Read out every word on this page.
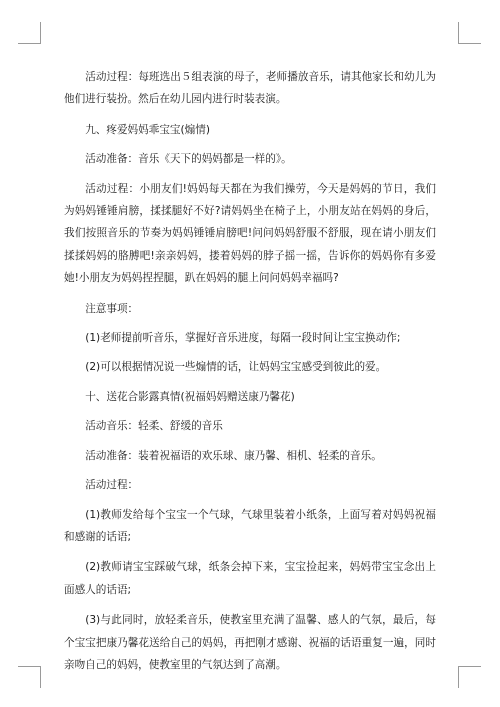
活动过程：每班选出５组表演的母子，老师播放音乐，请其他家长和幼儿为他们进行装扮。然后在幼儿园内进行时装表演。

九、疼爱妈妈乖宝宝(煽情)

活动准备：音乐《天下的妈妈都是一样的》。

活动过程：小朋友们!妈妈每天都在为我们操劳，今天是妈妈的节日，我们为妈妈锤锤肩膀，揉揉腿好不好?请妈妈坐在椅子上，小朋友站在妈妈的身后，我们按照音乐的节奏为妈妈锤锤肩膀吧!问问妈妈舒服不舒服，现在请小朋友们揉揉妈妈的胳膊吧!亲亲妈妈，搂着妈妈的脖子摇一摇，告诉你的妈妈你有多爱她!小朋友为妈妈捏捏腿，趴在妈妈的腿上问问妈妈幸福吗?

注意事项：

(1)老师提前听音乐，掌握好音乐进度，每隔一段时间让宝宝换动作;

(2)可以根据情况说一些煽情的话，让妈妈宝宝感受到彼此的爱。

十、送花合影露真情(祝福妈妈赠送康乃馨花)

活动音乐：轻柔、舒缓的音乐

活动准备：装着祝福语的欢乐球、康乃馨、相机、轻柔的音乐。

活动过程：

(1)教师发给每个宝宝一个气球，气球里装着小纸条，上面写着对妈妈祝福和感谢的话语;

(2)教师请宝宝踩破气球，纸条会掉下来，宝宝捡起来，妈妈带宝宝念出上面感人的话语;

(3)与此同时，放轻柔音乐，使教室里充满了温馨、感人的气氛，最后，每个宝宝把康乃馨花送给自己的妈妈，再把刚才感谢、祝福的话语重复一遍，同时亲吻自己的妈妈，使教室里的气氛达到了高潮。
